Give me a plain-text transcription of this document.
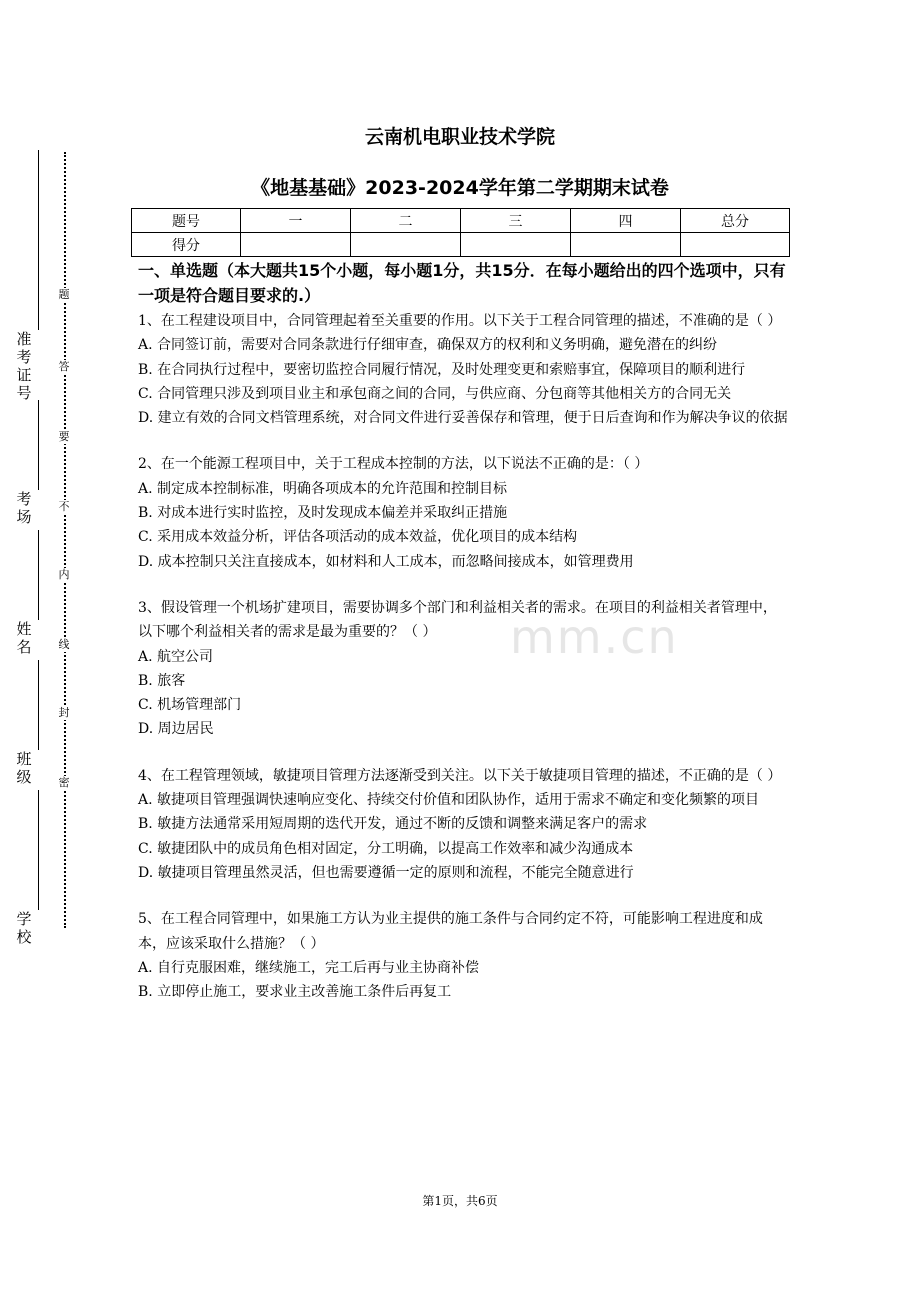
准考证号
考场
姓名
班级
学校
题
答
要
不
内
线
封
密
mm.cn
云南机电职业技术学院
《地基基础》2023-2024学年第二学期期末试卷
题号	一	二	三	四	总分
得分					
一、单选题（本大题共15个小题，每小题1分，共15分．在每小题给出的四个选项中，只有一项是符合题目要求的.）

1、在工程建设项目中，合同管理起着至关重要的作用。以下关于工程合同管理的描述，不准确的是（ ）

A. 合同签订前，需要对合同条款进行仔细审查，确保双方的权利和义务明确，避免潜在的纠纷

B. 在合同执行过程中，要密切监控合同履行情况，及时处理变更和索赔事宜，保障项目的顺利进行

C. 合同管理只涉及到项目业主和承包商之间的合同，与供应商、分包商等其他相关方的合同无关

D. 建立有效的合同文档管理系统，对合同文件进行妥善保存和管理，便于日后查询和作为解决争议的依据

2、在一个能源工程项目中，关于工程成本控制的方法，以下说法不正确的是：（ ）

A. 制定成本控制标准，明确各项成本的允许范围和控制目标

B. 对成本进行实时监控，及时发现成本偏差并采取纠正措施

C. 采用成本效益分析，评估各项活动的成本效益，优化项目的成本结构

D. 成本控制只关注直接成本，如材料和人工成本，而忽略间接成本，如管理费用

3、假设管理一个机场扩建项目，需要协调多个部门和利益相关者的需求。在项目的利益相关者管理中，以下哪个利益相关者的需求是最为重要的？（ ）

A. 航空公司

B. 旅客

C. 机场管理部门

D. 周边居民

4、在工程管理领域，敏捷项目管理方法逐渐受到关注。以下关于敏捷项目管理的描述，不正确的是（ ）

A. 敏捷项目管理强调快速响应变化、持续交付价值和团队协作，适用于需求不确定和变化频繁的项目

B. 敏捷方法通常采用短周期的迭代开发，通过不断的反馈和调整来满足客户的需求

C. 敏捷团队中的成员角色相对固定，分工明确，以提高工作效率和减少沟通成本

D. 敏捷项目管理虽然灵活，但也需要遵循一定的原则和流程，不能完全随意进行

5、在工程合同管理中，如果施工方认为业主提供的施工条件与合同约定不符，可能影响工程进度和成本，应该采取什么措施？（ ）

A. 自行克服困难，继续施工，完工后再与业主协商补偿

B. 立即停止施工，要求业主改善施工条件后再复工

第1页，共6页
